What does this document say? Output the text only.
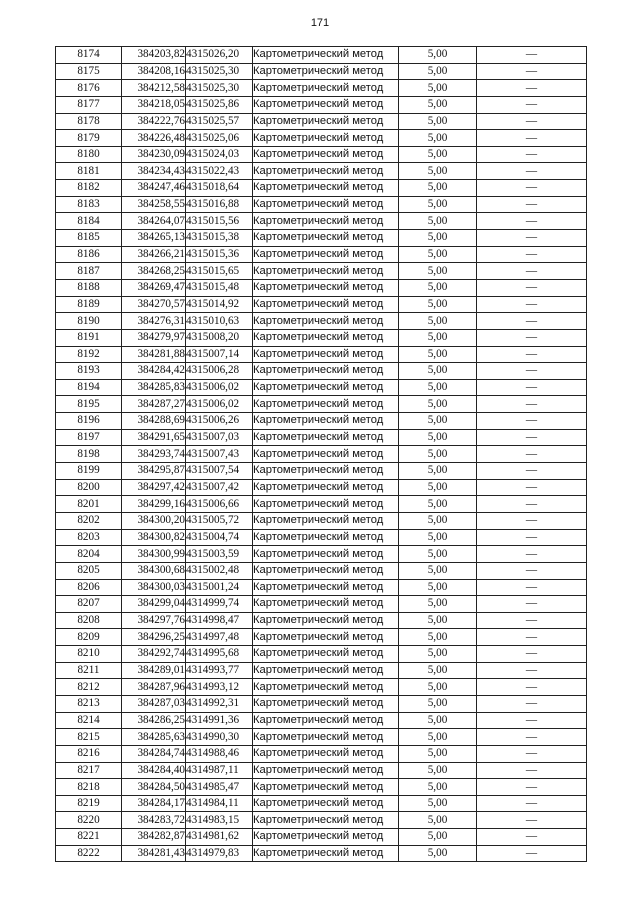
171
8174	384203,82	4315026,20	Картометрический метод	5,00	—
8175	384208,16	4315025,30	Картометрический метод	5,00	—
8176	384212,58	4315025,30	Картометрический метод	5,00	—
8177	384218,05	4315025,86	Картометрический метод	5,00	—
8178	384222,76	4315025,57	Картометрический метод	5,00	—
8179	384226,48	4315025,06	Картометрический метод	5,00	—
8180	384230,09	4315024,03	Картометрический метод	5,00	—
8181	384234,43	4315022,43	Картометрический метод	5,00	—
8182	384247,46	4315018,64	Картометрический метод	5,00	—
8183	384258,55	4315016,88	Картометрический метод	5,00	—
8184	384264,07	4315015,56	Картометрический метод	5,00	—
8185	384265,13	4315015,38	Картометрический метод	5,00	—
8186	384266,21	4315015,36	Картометрический метод	5,00	—
8187	384268,25	4315015,65	Картометрический метод	5,00	—
8188	384269,47	4315015,48	Картометрический метод	5,00	—
8189	384270,57	4315014,92	Картометрический метод	5,00	—
8190	384276,31	4315010,63	Картометрический метод	5,00	—
8191	384279,97	4315008,20	Картометрический метод	5,00	—
8192	384281,88	4315007,14	Картометрический метод	5,00	—
8193	384284,42	4315006,28	Картометрический метод	5,00	—
8194	384285,83	4315006,02	Картометрический метод	5,00	—
8195	384287,27	4315006,02	Картометрический метод	5,00	—
8196	384288,69	4315006,26	Картометрический метод	5,00	—
8197	384291,65	4315007,03	Картометрический метод	5,00	—
8198	384293,74	4315007,43	Картометрический метод	5,00	—
8199	384295,87	4315007,54	Картометрический метод	5,00	—
8200	384297,42	4315007,42	Картометрический метод	5,00	—
8201	384299,16	4315006,66	Картометрический метод	5,00	—
8202	384300,20	4315005,72	Картометрический метод	5,00	—
8203	384300,82	4315004,74	Картометрический метод	5,00	—
8204	384300,99	4315003,59	Картометрический метод	5,00	—
8205	384300,68	4315002,48	Картометрический метод	5,00	—
8206	384300,03	4315001,24	Картометрический метод	5,00	—
8207	384299,04	4314999,74	Картометрический метод	5,00	—
8208	384297,76	4314998,47	Картометрический метод	5,00	—
8209	384296,25	4314997,48	Картометрический метод	5,00	—
8210	384292,74	4314995,68	Картометрический метод	5,00	—
8211	384289,01	4314993,77	Картометрический метод	5,00	—
8212	384287,96	4314993,12	Картометрический метод	5,00	—
8213	384287,03	4314992,31	Картометрический метод	5,00	—
8214	384286,25	4314991,36	Картометрический метод	5,00	—
8215	384285,63	4314990,30	Картометрический метод	5,00	—
8216	384284,74	4314988,46	Картометрический метод	5,00	—
8217	384284,40	4314987,11	Картометрический метод	5,00	—
8218	384284,50	4314985,47	Картометрический метод	5,00	—
8219	384284,17	4314984,11	Картометрический метод	5,00	—
8220	384283,72	4314983,15	Картометрический метод	5,00	—
8221	384282,87	4314981,62	Картометрический метод	5,00	—
8222	384281,43	4314979,83	Картометрический метод	5,00	—
